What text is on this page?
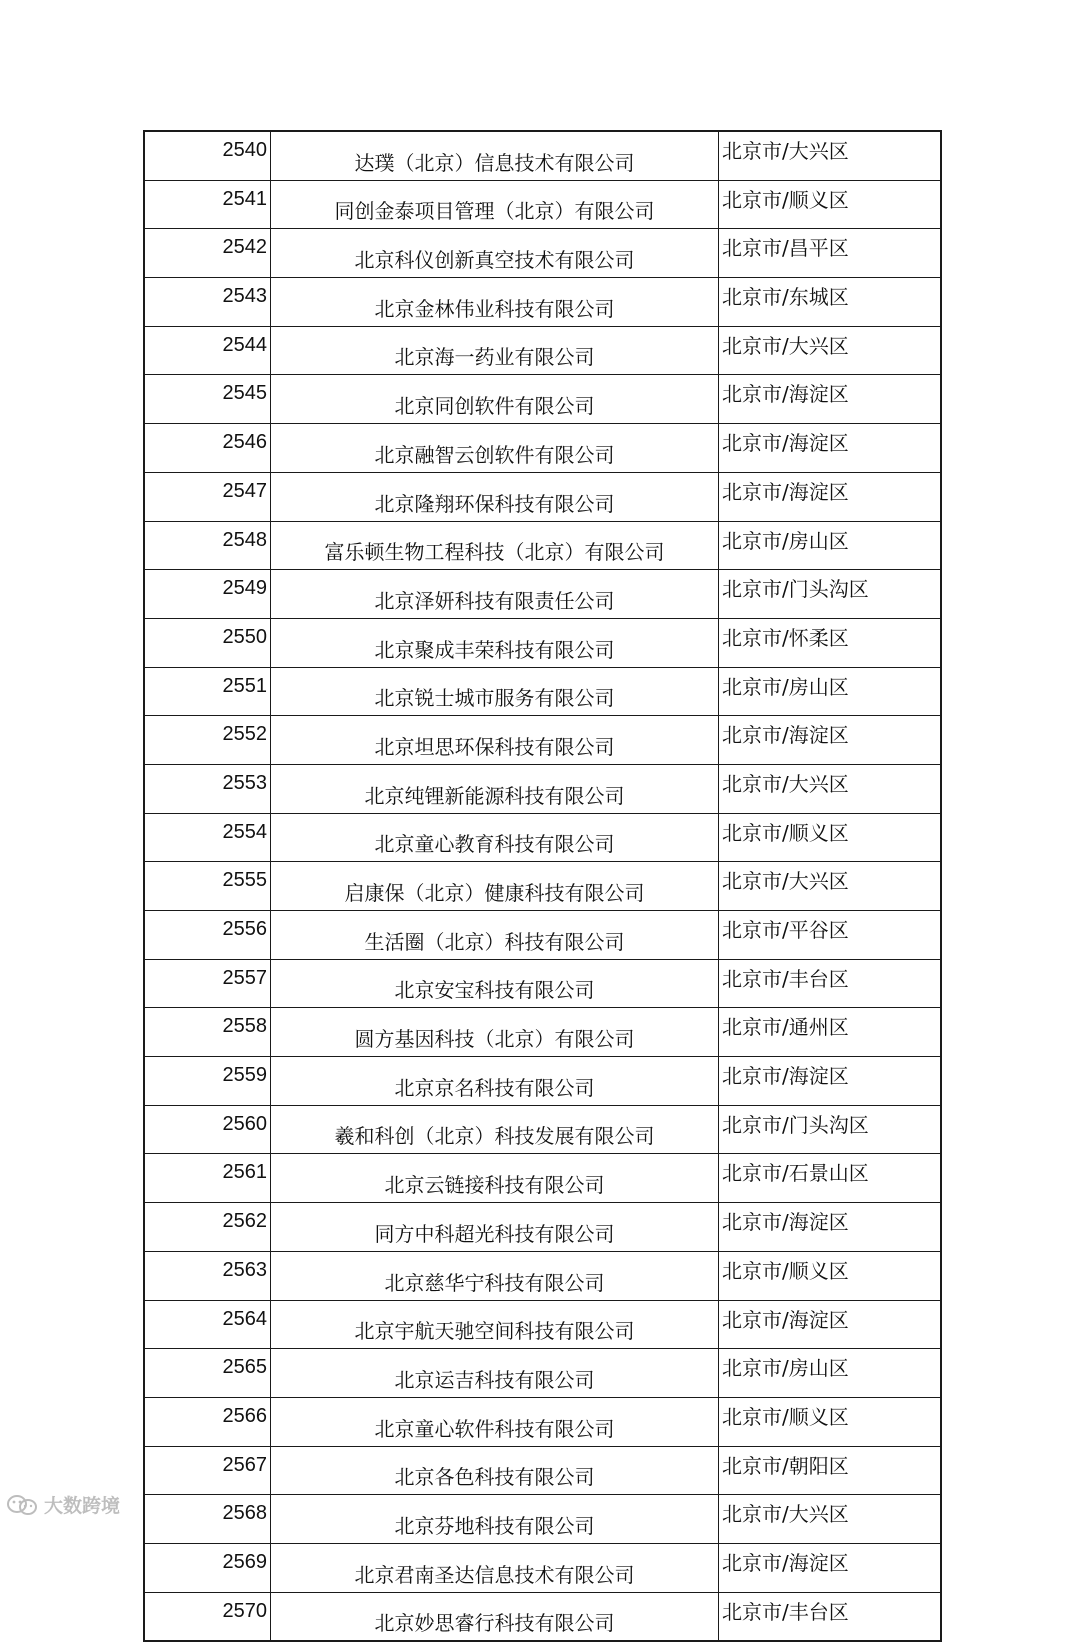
2540	达璞（北京）信息技术有限公司	北京市/大兴区
2541	同创金泰项目管理（北京）有限公司	北京市/顺义区
2542	北京科仪创新真空技术有限公司	北京市/昌平区
2543	北京金林伟业科技有限公司	北京市/东城区
2544	北京海一药业有限公司	北京市/大兴区
2545	北京同创软件有限公司	北京市/海淀区
2546	北京融智云创软件有限公司	北京市/海淀区
2547	北京隆翔环保科技有限公司	北京市/海淀区
2548	富乐顿生物工程科技（北京）有限公司	北京市/房山区
2549	北京泽妍科技有限责任公司	北京市/门头沟区
2550	北京聚成丰荣科技有限公司	北京市/怀柔区
2551	北京锐士城市服务有限公司	北京市/房山区
2552	北京坦思环保科技有限公司	北京市/海淀区
2553	北京纯锂新能源科技有限公司	北京市/大兴区
2554	北京童心教育科技有限公司	北京市/顺义区
2555	启康保（北京）健康科技有限公司	北京市/大兴区
2556	生活圈（北京）科技有限公司	北京市/平谷区
2557	北京安宝科技有限公司	北京市/丰台区
2558	圆方基因科技（北京）有限公司	北京市/通州区
2559	北京京名科技有限公司	北京市/海淀区
2560	羲和科创（北京）科技发展有限公司	北京市/门头沟区
2561	北京云链接科技有限公司	北京市/石景山区
2562	同方中科超光科技有限公司	北京市/海淀区
2563	北京慈华宁科技有限公司	北京市/顺义区
2564	北京宇航天驰空间科技有限公司	北京市/海淀区
2565	北京运吉科技有限公司	北京市/房山区
2566	北京童心软件科技有限公司	北京市/顺义区
2567	北京各色科技有限公司	北京市/朝阳区
2568	北京芬地科技有限公司	北京市/大兴区
2569	北京君南圣达信息技术有限公司	北京市/海淀区
2570	北京妙思睿行科技有限公司	北京市/丰台区
大数跨境
